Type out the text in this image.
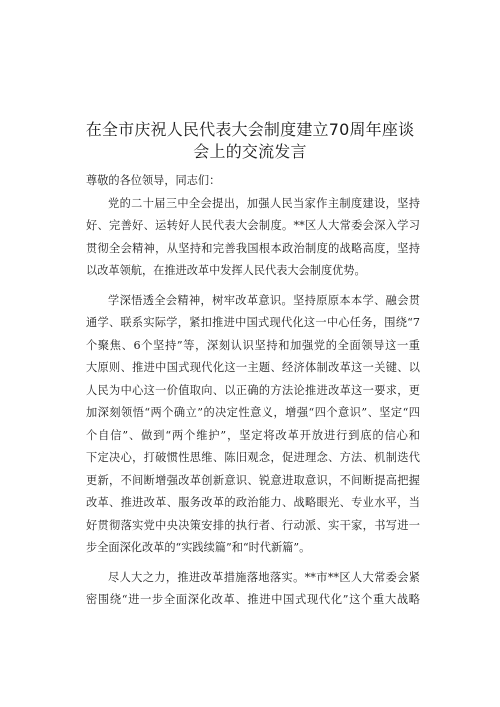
在全市庆祝人民代表大会制度建立70周年座谈
会上的交流发言
尊敬的各位领导，同志们：
党的二十届三中全会提出，加强人民当家作主制度建设，坚持
好、完善好、运转好人民代表大会制度。**区人大常委会深入学习
贯彻全会精神，从坚持和完善我国根本政治制度的战略高度，坚持
以改革领航，在推进改革中发挥人民代表大会制度优势。
学深悟透全会精神，树牢改革意识。坚持原原本本学、融会贯
通学、联系实际学，紧扣推进中国式现代化这一中心任务，围绕“7
个聚焦、6个坚持”等，深刻认识坚持和加强党的全面领导这一重
大原则、推进中国式现代化这一主题、经济体制改革这一关键、以
人民为中心这一价值取向、以正确的方法论推进改革这一要求，更
加深刻领悟“两个确立”的决定性意义，增强“四个意识”、坚定“四
个自信”、做到“两个维护”，坚定将改革开放进行到底的信心和
下定决心，打破惯性思维、陈旧观念，促进理念、方法、机制迭代
更新，不间断增强改革创新意识、锐意进取意识，不间断提高把握
改革、推进改革、服务改革的政治能力、战略眼光、专业水平，当
好贯彻落实党中央决策安排的执行者、行动派、实干家，书写进一
步全面深化改革的“实践续篇”和“时代新篇”。
尽人大之力，推进改革措施落地落实。**市**区人大常委会紧
密围绕“进一步全面深化改革、推进中国式现代化”这个重大战略
